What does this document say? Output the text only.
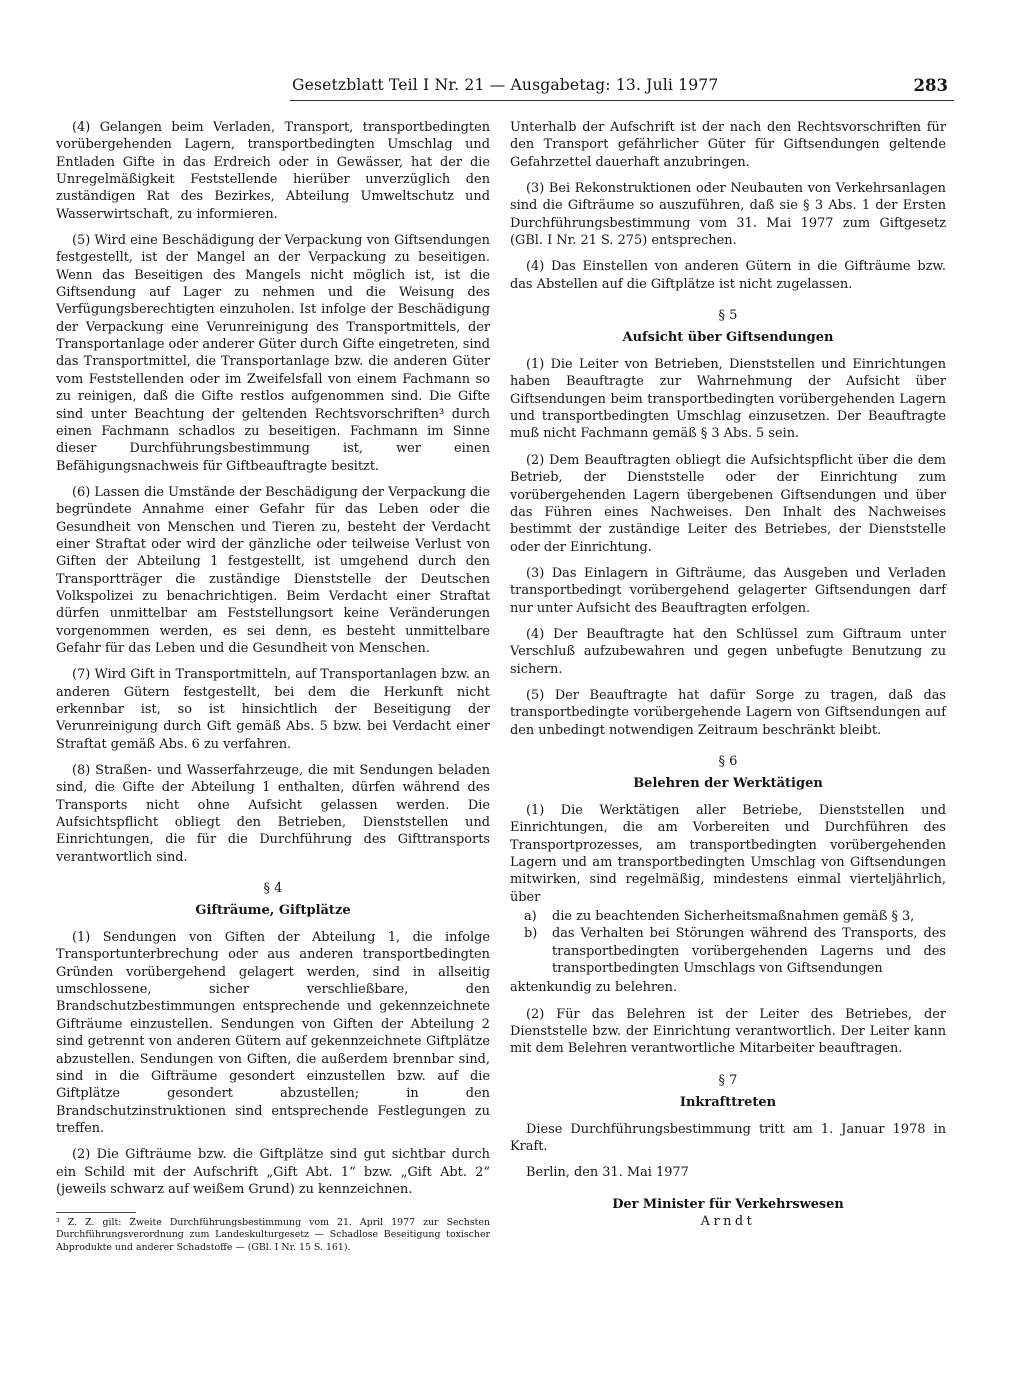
Gesetzblatt Teil I Nr. 21 — Ausgabetag: 13. Juli 1977	283

(4) Gelangen beim Verladen, Transport, transportbedingten vorübergehenden Lagern, transportbedingten Umschlag und Entladen Gifte in das Erdreich oder in Gewässer, hat der die Unregelmäßigkeit Feststellende hierüber unverzüglich den zuständigen Rat des Bezirkes, Abteilung Umweltschutz und Wasserwirtschaft, zu informieren.

(5) Wird eine Beschädigung der Verpackung von Giftsendungen festgestellt, ist der Mangel an der Verpackung zu beseitigen. Wenn das Beseitigen des Mangels nicht möglich ist, ist die Giftsendung auf Lager zu nehmen und die Weisung des Verfügungsberechtigten einzuholen. Ist infolge der Beschädigung der Verpackung eine Verunreinigung des Transportmittels, der Transportanlage oder anderer Güter durch Gifte eingetreten, sind das Transportmittel, die Transportanlage bzw. die anderen Güter vom Feststellenden oder im Zweifelsfall von einem Fachmann so zu reinigen, daß die Gifte restlos aufgenommen sind. Die Gifte sind unter Beachtung der geltenden Rechtsvorschriften³ durch einen Fachmann schadlos zu beseitigen. Fachmann im Sinne dieser Durchführungsbestimmung ist, wer einen Befähigungsnachweis für Giftbeauftragte besitzt.

(6) Lassen die Umstände der Beschädigung der Verpackung die begründete Annahme einer Gefahr für das Leben oder die Gesundheit von Menschen und Tieren zu, besteht der Verdacht einer Straftat oder wird der gänzliche oder teilweise Verlust von Giften der Abteilung 1 festgestellt, ist umgehend durch den Transportträger die zuständige Dienststelle der Deutschen Volkspolizei zu benachrichtigen. Beim Verdacht einer Straftat dürfen unmittelbar am Feststellungsort keine Veränderungen vorgenommen werden, es sei denn, es besteht unmittelbare Gefahr für das Leben und die Gesundheit von Menschen.

(7) Wird Gift in Transportmitteln, auf Transportanlagen bzw. an anderen Gütern festgestellt, bei dem die Herkunft nicht erkennbar ist, so ist hinsichtlich der Beseitigung der Verunreinigung durch Gift gemäß Abs. 5 bzw. bei Verdacht einer Straftat gemäß Abs. 6 zu verfahren.

(8) Straßen- und Wasserfahrzeuge, die mit Sendungen beladen sind, die Gifte der Abteilung 1 enthalten, dürfen während des Transports nicht ohne Aufsicht gelassen werden. Die Aufsichtspflicht obliegt den Betrieben, Dienststellen und Einrichtungen, die für die Durchführung des Gifttransports verantwortlich sind.

§ 4
Gifträume, Giftplätze

(1) Sendungen von Giften der Abteilung 1, die infolge Transportunterbrechung oder aus anderen transportbedingten Gründen vorübergehend gelagert werden, sind in allseitig umschlossene, sicher verschließbare, den Brandschutzbestimmungen entsprechende und gekennzeichnete Gifträume einzustellen. Sendungen von Giften der Abteilung 2 sind getrennt von anderen Gütern auf gekennzeichnete Giftplätze abzustellen. Sendungen von Giften, die außerdem brennbar sind, sind in die Gifträume gesondert einzustellen bzw. auf die Giftplätze gesondert abzustellen; in den Brandschutzinstruktionen sind entsprechende Festlegungen zu treffen.

(2) Die Gifträume bzw. die Giftplätze sind gut sichtbar durch ein Schild mit der Aufschrift „Gift Abt. 1“ bzw. „Gift Abt. 2“ (jeweils schwarz auf weißem Grund) zu kennzeichnen.

³ Z. Z. gilt: Zweite Durchführungsbestimmung vom 21. April 1977 zur Sechsten Durchführungsverordnung zum Landeskulturgesetz — Schadlose Beseitigung toxischer Abprodukte und anderer Schadstoffe — (GBl. I Nr. 15 S. 161).

Unterhalb der Aufschrift ist der nach den Rechtsvorschriften für den Transport gefährlicher Güter für Giftsendungen geltende Gefahrzettel dauerhaft anzubringen.

(3) Bei Rekonstruktionen oder Neubauten von Verkehrsanlagen sind die Gifträume so auszuführen, daß sie § 3 Abs. 1 der Ersten Durchführungsbestimmung vom 31. Mai 1977 zum Giftgesetz (GBl. I Nr. 21 S. 275) entsprechen.

(4) Das Einstellen von anderen Gütern in die Gifträume bzw. das Abstellen auf die Giftplätze ist nicht zugelassen.

§ 5
Aufsicht über Giftsendungen

(1) Die Leiter von Betrieben, Dienststellen und Einrichtungen haben Beauftragte zur Wahrnehmung der Aufsicht über Giftsendungen beim transportbedingten vorübergehenden Lagern und transportbedingten Umschlag einzusetzen. Der Beauftragte muß nicht Fachmann gemäß § 3 Abs. 5 sein.

(2) Dem Beauftragten obliegt die Aufsichtspflicht über die dem Betrieb, der Dienststelle oder der Einrichtung zum vorübergehenden Lagern übergebenen Giftsendungen und über das Führen eines Nachweises. Den Inhalt des Nachweises bestimmt der zuständige Leiter des Betriebes, der Dienststelle oder der Einrichtung.

(3) Das Einlagern in Gifträume, das Ausgeben und Verladen transportbedingt vorübergehend gelagerter Giftsendungen darf nur unter Aufsicht des Beauftragten erfolgen.

(4) Der Beauftragte hat den Schlüssel zum Giftraum unter Verschluß aufzubewahren und gegen unbefugte Benutzung zu sichern.

(5) Der Beauftragte hat dafür Sorge zu tragen, daß das transportbedingte vorübergehende Lagern von Giftsendungen auf den unbedingt notwendigen Zeitraum beschränkt bleibt.

§ 6
Belehren der Werktätigen

(1) Die Werktätigen aller Betriebe, Dienststellen und Einrichtungen, die am Vorbereiten und Durchführen des Transportprozesses, am transportbedingten vorübergehenden Lagern und am transportbedingten Umschlag von Giftsendungen mitwirken, sind regelmäßig, mindestens einmal vierteljährlich, über

a)	die zu beachtenden Sicherheitsmaßnahmen gemäß § 3,
b)	das Verhalten bei Störungen während des Transports, des transportbedingten vorübergehenden Lagerns und des transportbedingten Umschlags von Giftsendungen

aktenkundig zu belehren.

(2) Für das Belehren ist der Leiter des Betriebes, der Dienststelle bzw. der Einrichtung verantwortlich. Der Leiter kann mit dem Belehren verantwortliche Mitarbeiter beauftragen.

§ 7
Inkrafttreten

Diese Durchführungsbestimmung tritt am 1. Januar 1978 in Kraft.

Berlin, den 31. Mai 1977

Der Minister für Verkehrswesen
Arndt
